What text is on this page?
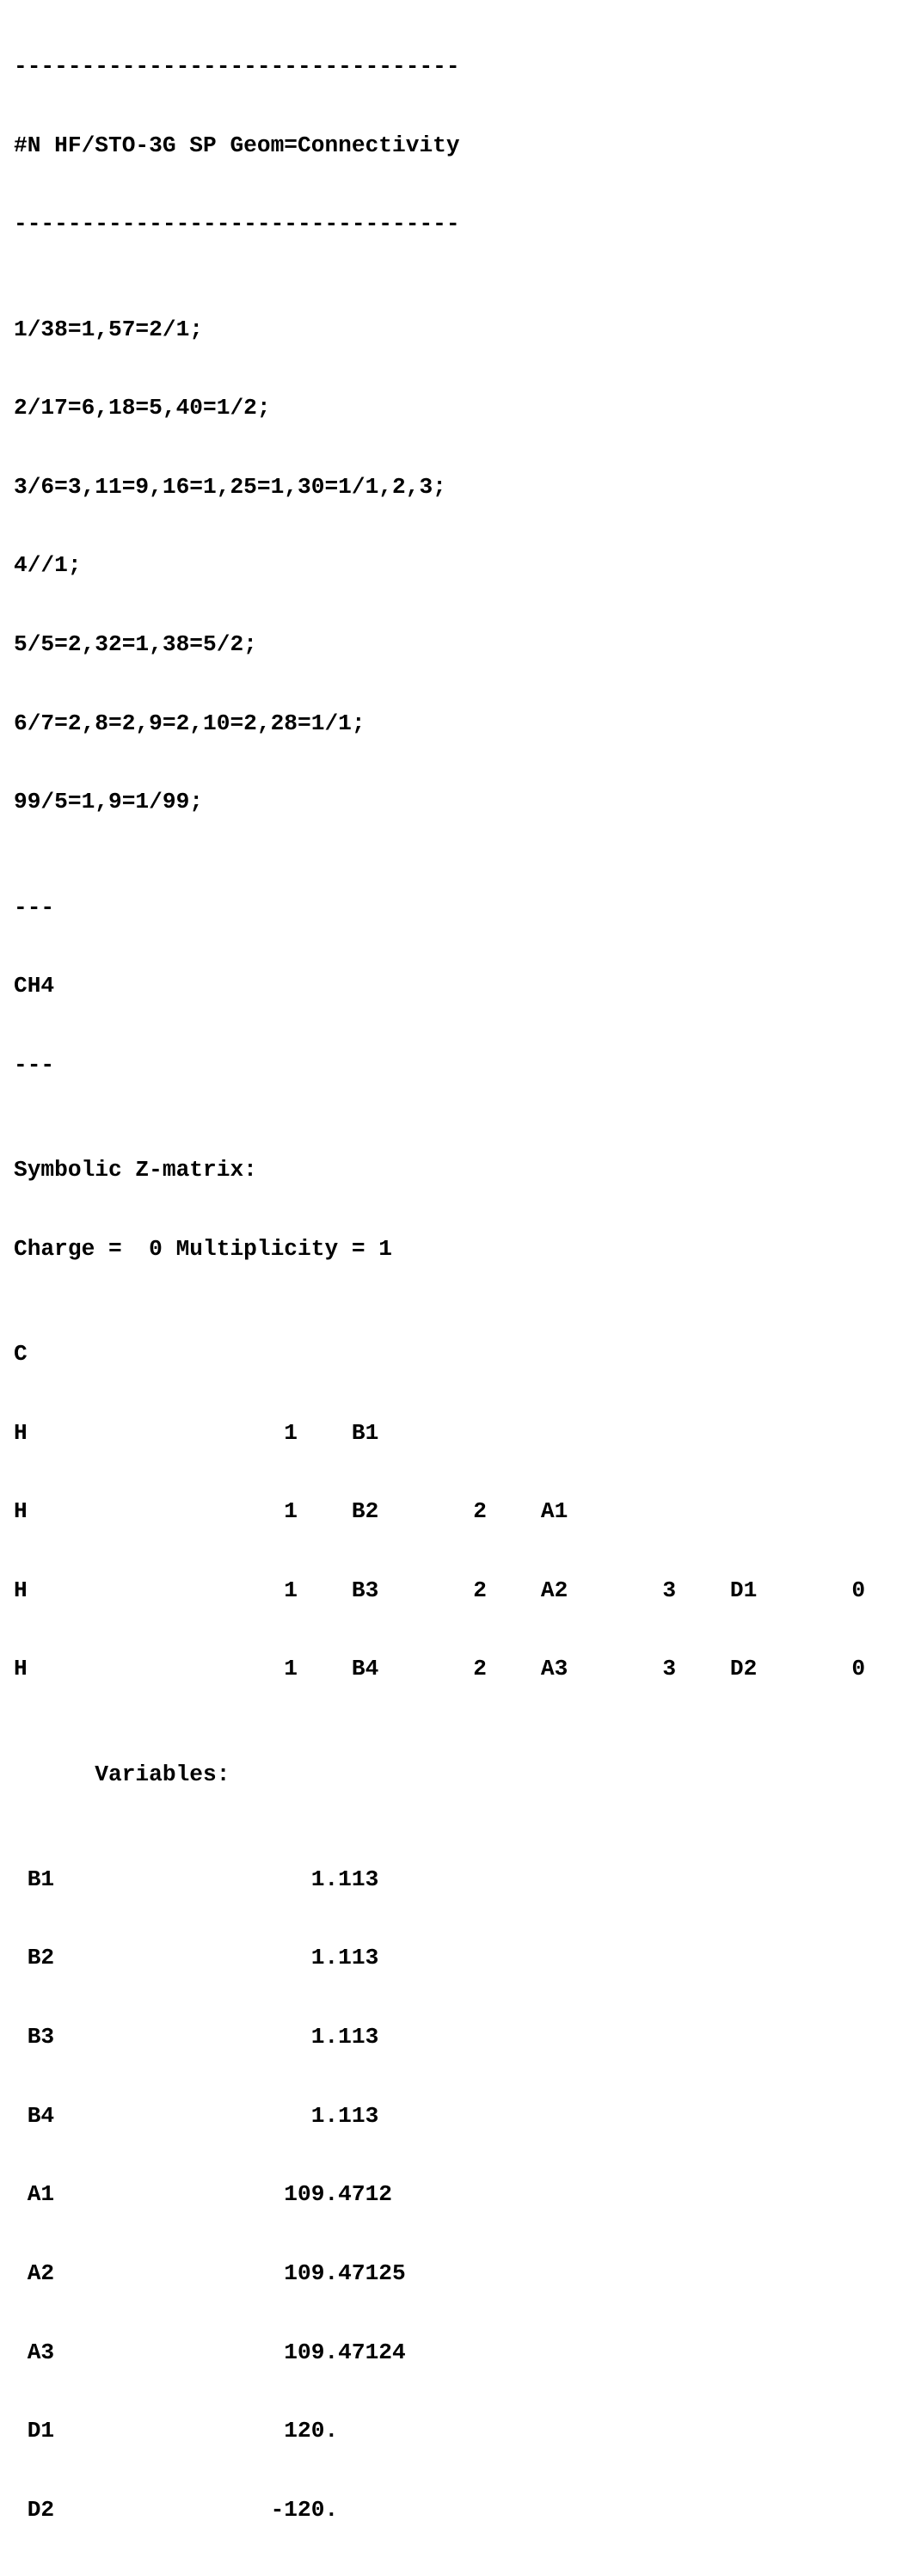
---------------------------------

#N HF/STO-3G SP Geom=Connectivity

---------------------------------

1/38=1,57=2/1;

2/17=6,18=5,40=1/2;

3/6=3,11=9,16=1,25=1,30=1/1,2,3;

4//1;

5/5=2,32=1,38=5/2;

6/7=2,8=2,9=2,10=2,28=1/1;

99/5=1,9=1/99;

---

CH4

---

Symbolic Z-matrix:

Charge =  0 Multiplicity = 1

C

H                   1    B1

H                   1    B2       2    A1

H                   1    B3       2    A2       3    D1       0

H                   1    B4       2    A3       3    D2       0

Variables:

B1                   1.113

B2                   1.113

B3                   1.113

B4                   1.113

A1                 109.4712

A2                 109.47125

A3                 109.47124

D1                 120.

D2                -120.
